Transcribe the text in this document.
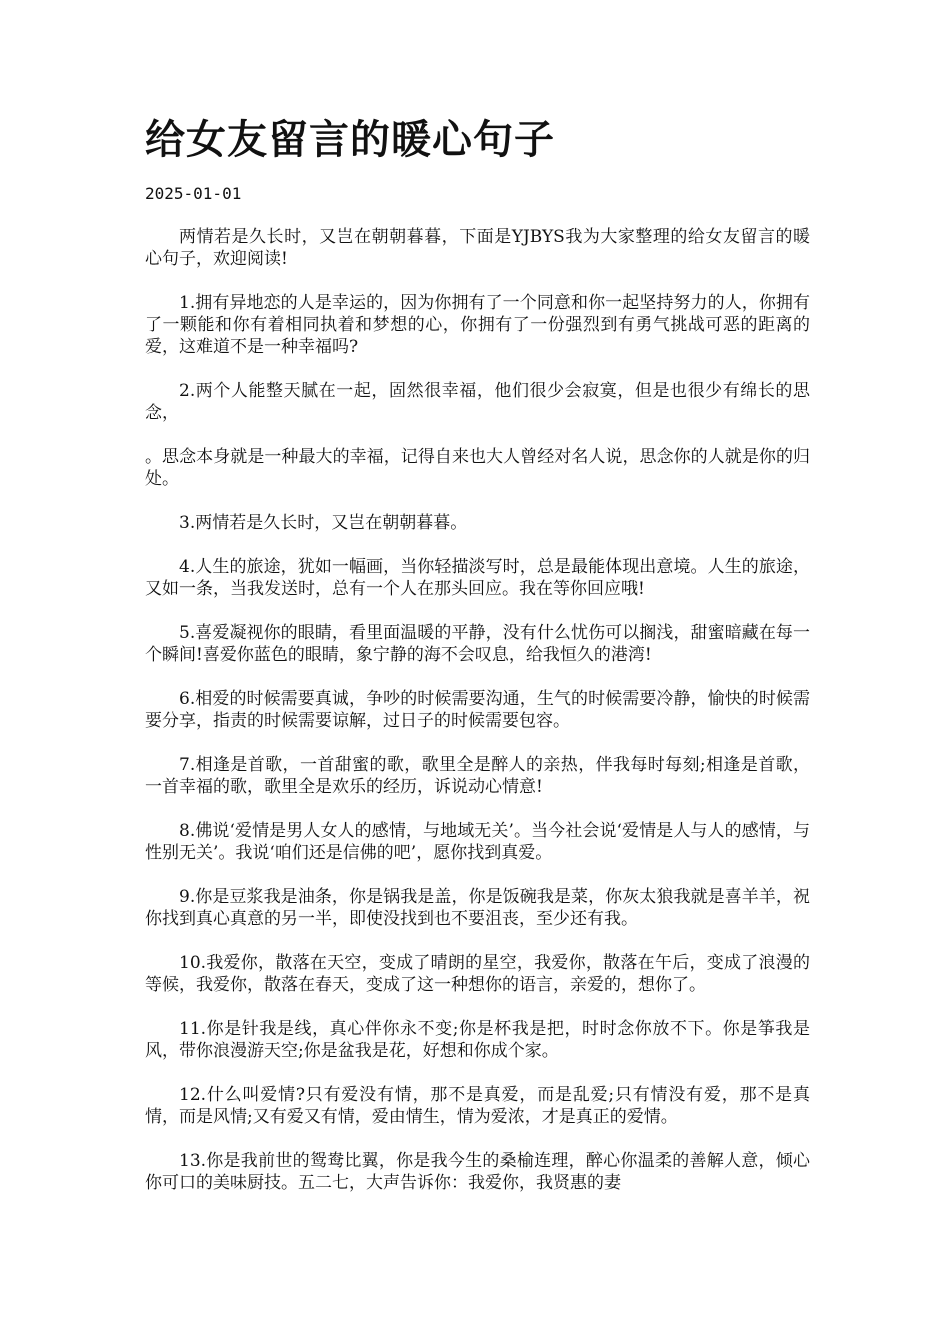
给女友留言的暖心句子
2025-01-01

两情若是久长时，又岂在朝朝暮暮，下面是YJBYS我为大家整理的给女友留言的暖心句子，欢迎阅读!

1.拥有异地恋的人是幸运的，因为你拥有了一个同意和你一起坚持努力的人，你拥有了一颗能和你有着相同执着和梦想的心，你拥有了一份强烈到有勇气挑战可恶的距离的爱，这难道不是一种幸福吗?

2.两个人能整天腻在一起，固然很幸福，他们很少会寂寞，但是也很少有绵长的思念，

。思念本身就是一种最大的幸福，记得自来也大人曾经对名人说，思念你的人就是你的归处。

3.两情若是久长时，又岂在朝朝暮暮。

4.人生的旅途，犹如一幅画，当你轻描淡写时，总是最能体现出意境。人生的旅途，又如一条，当我发送时，总有一个人在那头回应。我在等你回应哦!

5.喜爱凝视你的眼睛，看里面温暖的平静，没有什么忧伤可以搁浅，甜蜜暗藏在每一个瞬间!喜爱你蓝色的眼睛，象宁静的海不会叹息，给我恒久的港湾!

6.相爱的时候需要真诚，争吵的时候需要沟通，生气的时候需要冷静，愉快的时候需要分享，指责的时候需要谅解，过日子的时候需要包容。

7.相逢是首歌，一首甜蜜的歌，歌里全是醉人的亲热，伴我每时每刻;相逢是首歌，一首幸福的歌，歌里全是欢乐的经历，诉说动心情意!

8.佛说‘爱情是男人女人的感情，与地域无关’。当今社会说‘爱情是人与人的感情，与性别无关’。我说‘咱们还是信佛的吧’，愿你找到真爱。

9.你是豆浆我是油条，你是锅我是盖，你是饭碗我是菜，你灰太狼我就是喜羊羊，祝你找到真心真意的另一半，即使没找到也不要沮丧，至少还有我。

10.我爱你，散落在天空，变成了晴朗的星空，我爱你，散落在午后，变成了浪漫的等候，我爱你，散落在春天，变成了这一种想你的语言，亲爱的，想你了。

11.你是针我是线，真心伴你永不变;你是杯我是把，时时念你放不下。你是筝我是风，带你浪漫游天空;你是盆我是花，好想和你成个家。

12.什么叫爱情?只有爱没有情，那不是真爱，而是乱爱;只有情没有爱，那不是真情，而是风情;又有爱又有情，爱由情生，情为爱浓，才是真正的爱情。

13.你是我前世的鸳鸯比翼，你是我今生的桑榆连理，醉心你温柔的善解人意，倾心你可口的美味厨技。五二七，大声告诉你：我爱你，我贤惠的妻
